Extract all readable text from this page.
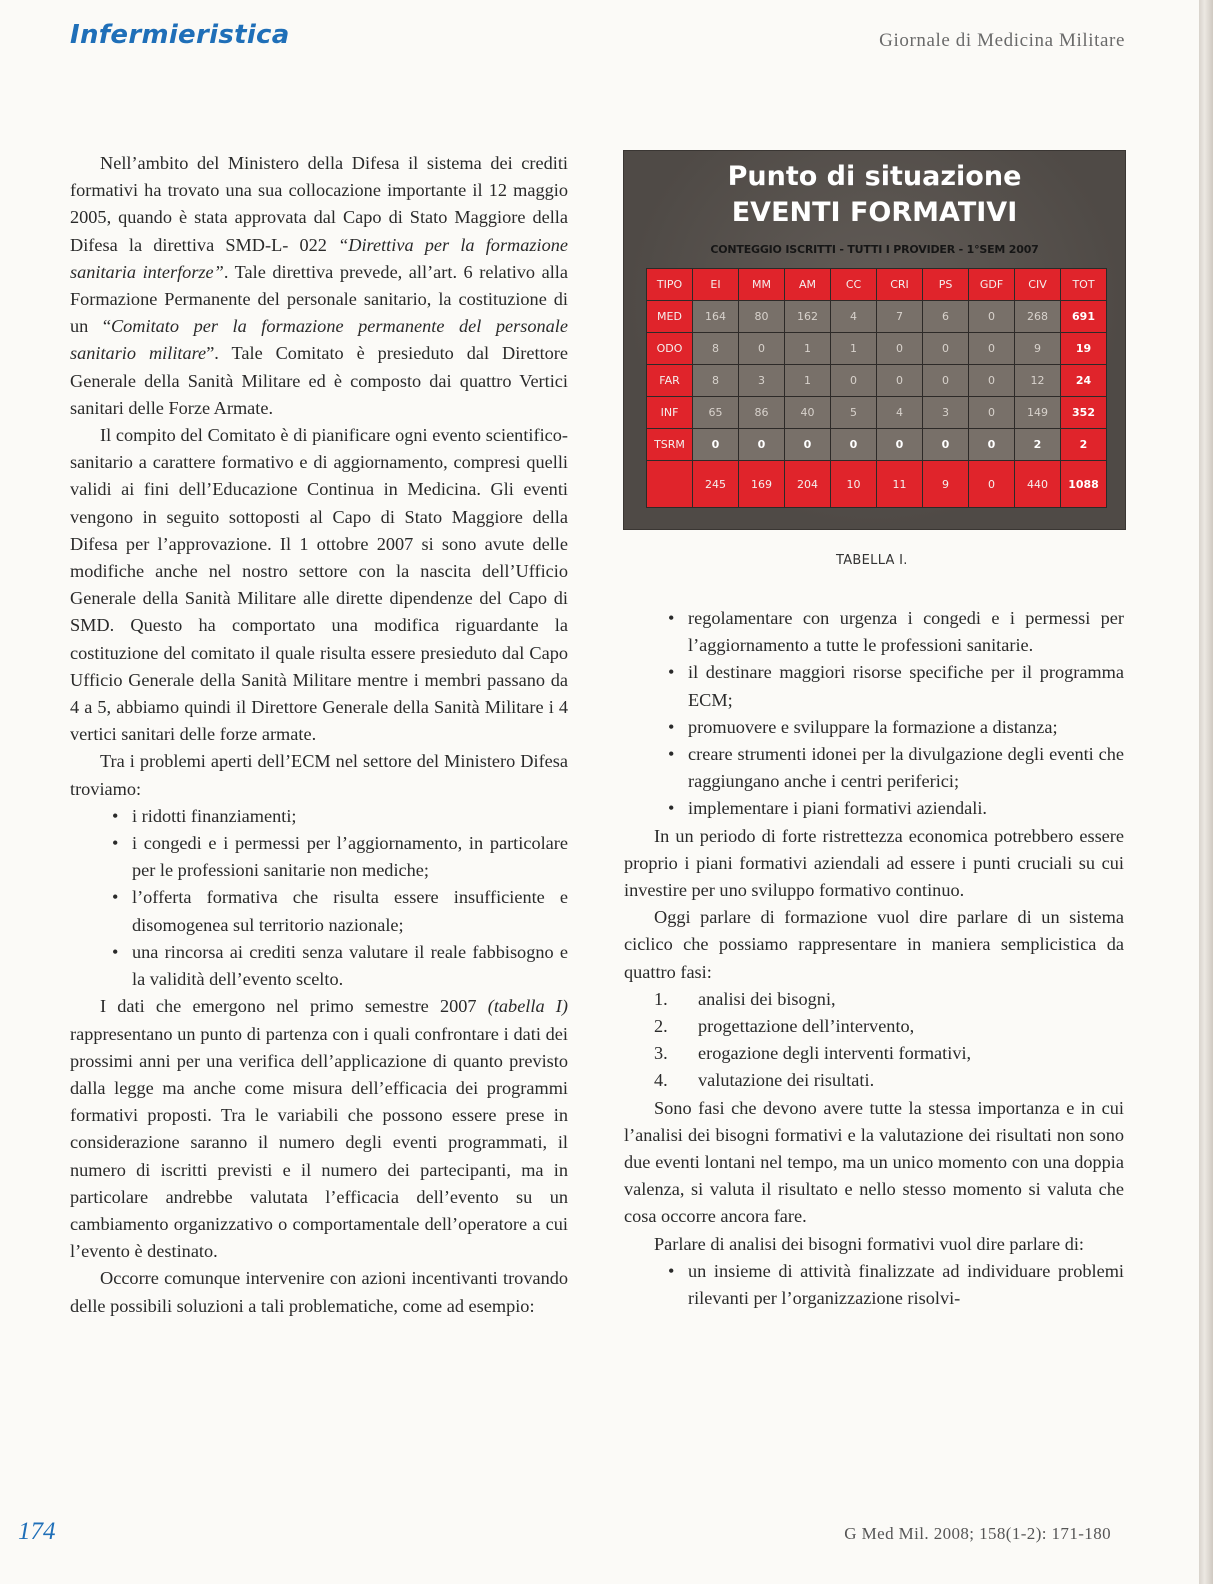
Infermieristica	Giornale di Medicina Militare

Nell’ambito del Ministero della Difesa il sistema dei crediti formativi ha trovato una sua collocazione importante il 12 maggio 2005, quando è stata approvata dal Capo di Stato Maggiore della Difesa la direttiva SMD-L- 022 “Direttiva per la formazione sanitaria interforze”. Tale direttiva prevede, all’art. 6 relativo alla Formazione Permanente del personale sanitario, la costituzione di un “Comitato per la formazione permanente del personale sanitario militare”. Tale Comitato è presieduto dal Direttore Generale della Sanità Militare ed è composto dai quattro Vertici sanitari delle Forze Armate.

Il compito del Comitato è di pianificare ogni evento scientifico-sanitario a carattere formativo e di aggiornamento, compresi quelli validi ai fini dell’Educazione Continua in Medicina. Gli eventi vengono in seguito sottoposti al Capo di Stato Maggiore della Difesa per l’approvazione. Il 1 ottobre 2007 si sono avute delle modifiche anche nel nostro settore con la nascita dell’Ufficio Generale della Sanità Militare alle dirette dipendenze del Capo di SMD. Questo ha comportato una modifica riguardante la costituzione del comitato il quale risulta essere presieduto dal Capo Ufficio Generale della Sanità Militare mentre i membri passano da 4 a 5, abbiamo quindi il Direttore Generale della Sanità Militare i 4 vertici sanitari delle forze armate.

Tra i problemi aperti dell’ECM nel settore del Ministero Difesa troviamo:

• i ridotti finanziamenti;
• i congedi e i permessi per l’aggiornamento, in particolare per le professioni sanitarie non mediche;
• l’offerta formativa che risulta essere insufficiente e disomogenea sul territorio nazionale;
• una rincorsa ai crediti senza valutare il reale fabbisogno e la validità dell’evento scelto.

I dati che emergono nel primo semestre 2007 (tabella I) rappresentano un punto di partenza con i quali confrontare i dati dei prossimi anni per una verifica dell’applicazione di quanto previsto dalla legge ma anche come misura dell’efficacia dei programmi formativi proposti. Tra le variabili che possono essere prese in considerazione saranno il numero degli eventi programmati, il numero di iscritti previsti e il numero dei partecipanti, ma in particolare andrebbe valutata l’efficacia dell’evento su un cambiamento organizzativo o comportamentale dell’operatore a cui l’evento è destinato.

Occorre comunque intervenire con azioni incentivanti trovando delle possibili soluzioni a tali problematiche, come ad esempio:

Punto di situazione
EVENTI FORMATIVI
CONTEGGIO ISCRITTI - TUTTI I PROVIDER - 1°SEM 2007
TIPO	EI	MM	AM	CC	CRI	PS	GDF	CIV	TOT
MED	164	80	162	4	7	6	0	268	691
ODO	8	0	1	1	0	0	0	9	19
FAR	8	3	1	0	0	0	0	12	24
INF	65	86	40	5	4	3	0	149	352
TSRM	0	0	0	0	0	0	0	2	2
	245	169	204	10	11	9	0	440	1088
TABELLA I.
• regolamentare con urgenza i congedi e i permessi per l’aggiornamento a tutte le professioni sanitarie.
• il destinare maggiori risorse specifiche per il programma ECM;
• promuovere e sviluppare la formazione a distanza;
• creare strumenti idonei per la divulgazione degli eventi che raggiungano anche i centri periferici;
• implementare i piani formativi aziendali.

In un periodo di forte ristrettezza economica potrebbero essere proprio i piani formativi aziendali ad essere i punti cruciali su cui investire per uno sviluppo formativo continuo.

Oggi parlare di formazione vuol dire parlare di un sistema ciclico che possiamo rappresentare in maniera semplicistica da quattro fasi:

1.	analisi dei bisogni,
2.	progettazione dell’intervento,
3.	erogazione degli interventi formativi,
4.	valutazione dei risultati.

Sono fasi che devono avere tutte la stessa importanza e in cui l’analisi dei bisogni formativi e la valutazione dei risultati non sono due eventi lontani nel tempo, ma un unico momento con una doppia valenza, si valuta il risultato e nello stesso momento si valuta che cosa occorre ancora fare.

Parlare di analisi dei bisogni formativi vuol dire parlare di:

• un insieme di attività finalizzate ad individuare problemi rilevanti per l’organizzazione risolvi-
174	G Med Mil. 2008; 158(1-2): 171-180
